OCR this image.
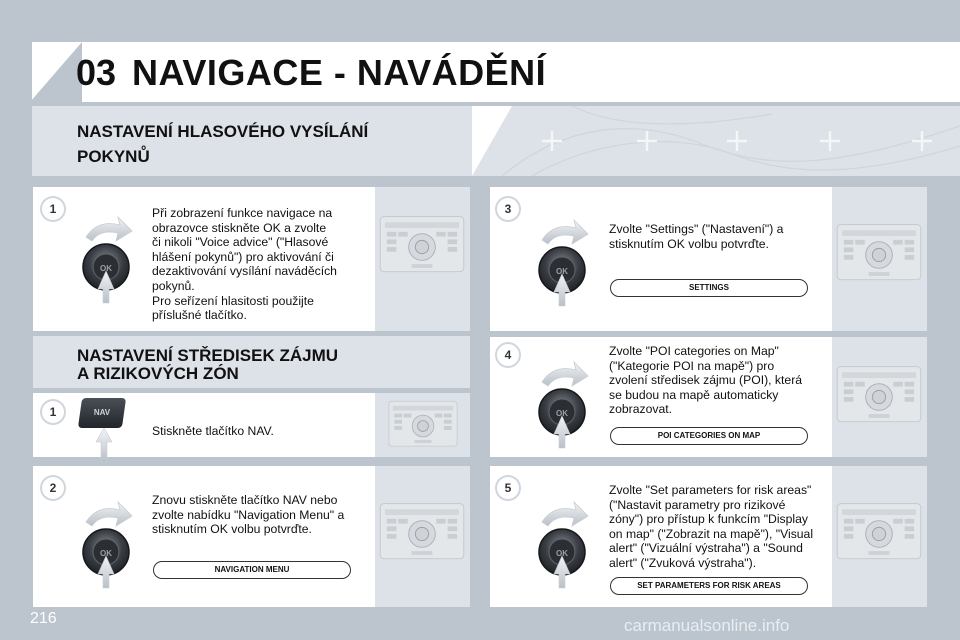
03 NAVIGACE - NAVÁDĚNÍ
NASTAVENÍ HLASOVÉHO VYSÍLÁNÍ
POKYNŮ
1	Při zobrazení funkce navigace na
obrazovce stiskněte OK a zvolte
či nikoli "Voice advice" ("Hlasové
hlášení pokynů") pro aktivování či
dezaktivování vysílání naváděcích
pokynů.
Pro seřízení hlasitosti použijte
příslušné tlačítko.
NASTAVENÍ STŘEDISEK ZÁJMU
A RIZIKOVÝCH ZÓN
1	NAV
Stiskněte tlačítko NAV.
2
Znovu stiskněte tlačítko NAV nebo
zvolte nabídku "Navigation Menu" a
stisknutím OK volbu potvrďte.
NAVIGATION MENU
3
Zvolte "Settings" ("Nastavení") a
stisknutím OK volbu potvrďte.
SETTINGS
4	Zvolte "POI categories on Map"
("Kategorie POI na mapě") pro
zvolení středisek zájmu (POI), která
se budou na mapě automaticky
zobrazovat.
POI CATEGORIES ON MAP
5	Zvolte "Set parameters for risk areas"
("Nastavit parametry pro rizikové
zóny") pro přístup k funkcím "Display
on map" ("Zobrazit na mapě"), "Visual
alert" ("Vizuální výstraha") a "Sound
alert" ("Zvuková výstraha").
SET PARAMETERS FOR RISK AREAS
216	carmanualsonline.info
